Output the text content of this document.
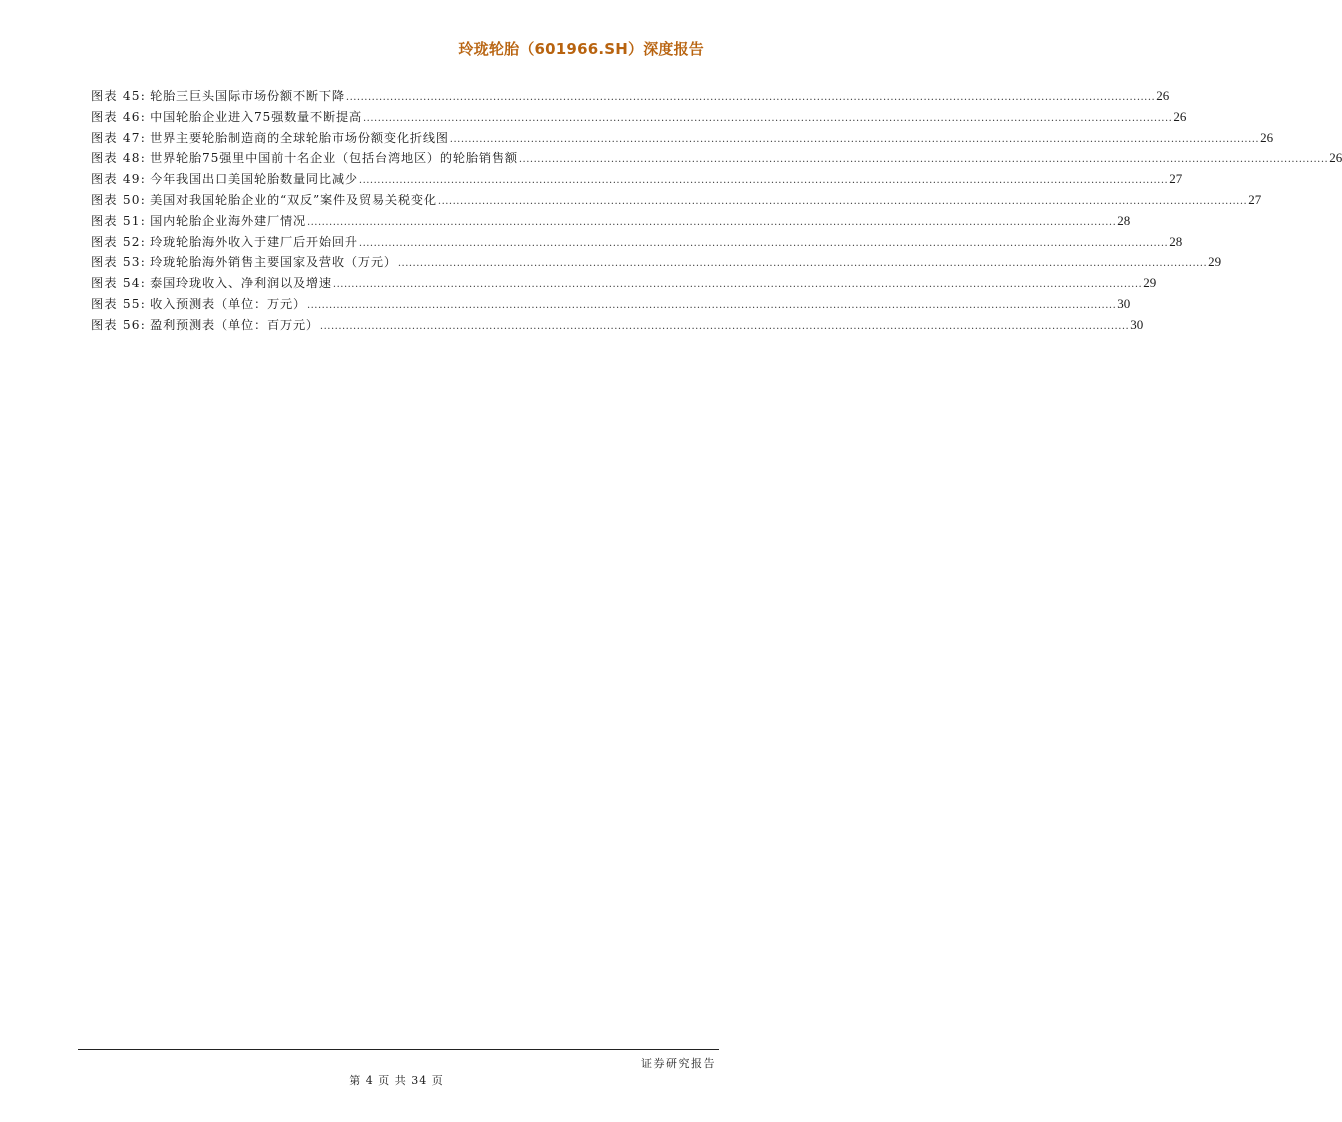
玲珑轮胎（601966.SH）深度报告
图表 45: 轮胎三巨头国际市场份额不断下降 ............................................................................................................................................................................................................................ 26
图表 46: 中国轮胎企业进入75强数量不断提高 ............................................................................................................................................................................................................................ 26
图表 47: 世界主要轮胎制造商的全球轮胎市场份额变化折线图 ............................................................................................................................................................................................................................ 26
图表 48: 世界轮胎75强里中国前十名企业（包括台湾地区）的轮胎销售额 ............................................................................................................................................................................................................................ 26
图表 49: 今年我国出口美国轮胎数量同比减少 ............................................................................................................................................................................................................................ 27
图表 50: 美国对我国轮胎企业的“双反”案件及贸易关税变化 ............................................................................................................................................................................................................................ 27
图表 51: 国内轮胎企业海外建厂情况 ............................................................................................................................................................................................................................ 28
图表 52: 玲珑轮胎海外收入于建厂后开始回升 ............................................................................................................................................................................................................................ 28
图表 53: 玲珑轮胎海外销售主要国家及营收（万元） ............................................................................................................................................................................................................................ 29
图表 54: 泰国玲珑收入、净利润以及增速 ............................................................................................................................................................................................................................ 29
图表 55: 收入预测表（单位：万元） ............................................................................................................................................................................................................................ 30
图表 56: 盈利预测表（单位：百万元） ............................................................................................................................................................................................................................ 30
证券研究报告
第 4 页 共 34 页
